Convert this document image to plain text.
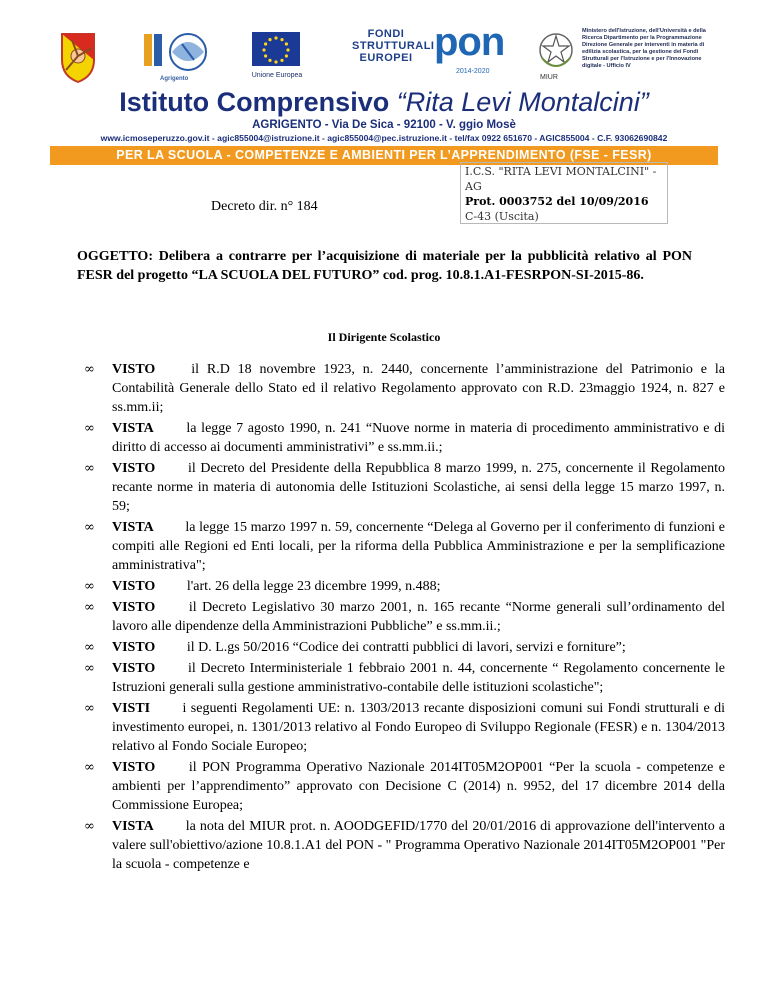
Agrigento	Unione Europea
FONDI
STRUTTURALI
EUROPEI pon
2014-2020
MIUR
Ministero dell'Istruzione, dell'Università e della Ricerca Dipartimento per la Programmazione Direzione Generale per interventi in materia di edilizia scolastica, per la gestione dei Fondi Strutturali per l'Istruzione e per l'Innovazione digitale - Ufficio IV
Istituto Comprensivo “Rita Levi Montalcini”
AGRIGENTO - Via De Sica - 92100 - V. ggio Mosè
www.icmoseperuzzo.gov.it - agic855004@istruzione.it - agic855004@pec.istruzione.it - tel/fax 0922 651670 - AGIC855004 - C.F. 93062690842
PER LA SCUOLA - COMPETENZE E AMBIENTI PER L’APPRENDIMENTO (FSE - FESR)
Decreto dir. n° 184
I.C.S. "RITA LEVI MONTALCINI" - AG
Prot. 0003752 del 10/09/2016
C-43 (Uscita)
OGGETTO: Delibera a contrarre per l’acquisizione di materiale per la pubblicità relativo al PON FESR del progetto “LA SCUOLA DEL FUTURO” cod. prog. 10.8.1.A1-FESRPON-SI-2015-86.
Il Dirigente Scolastico
∞ VISTO  	il R.D 18 novembre 1923, n. 2440, concernente l’amministrazione del Patrimonio e la Contabilità Generale dello Stato ed il relativo Regolamento approvato con R.D. 23maggio 1924, n. 827 e ss.mm.ii;
∞ VISTA   la legge 7 agosto 1990, n. 241 “Nuove norme in materia di procedimento amministrativo e di diritto di accesso ai documenti amministrativi” e ss.mm.ii.;
∞ VISTO   il Decreto del Presidente della Repubblica 8 marzo 1999, n. 275, concernente il Regolamento recante norme in materia di autonomia delle Istituzioni Scolastiche, ai sensi della legge 15 marzo 1997, n. 59;
∞ VISTA   la legge 15 marzo 1997 n. 59, concernente “Delega al Governo per il conferimento di funzioni e compiti alle Regioni ed Enti locali, per la riforma della Pubblica Amministrazione e per la semplificazione amministrativa";
∞ VISTO   l'art. 26 della legge 23 dicembre 1999, n.488;
∞ VISTO   il Decreto Legislativo 30 marzo 2001, n. 165 recante “Norme generali sull’ordinamento del lavoro alle dipendenze della Amministrazioni Pubbliche” e ss.mm.ii.;
∞ VISTO   il D. L.gs 50/2016 “Codice dei contratti pubblici di lavori, servizi e forniture”;
∞ VISTO   il Decreto Interministeriale 1 febbraio 2001 n. 44, concernente “ Regolamento concernente le Istruzioni generali sulla gestione amministrativo-contabile delle istituzioni scolastiche";
∞ VISTI   i seguenti Regolamenti UE: n. 1303/2013 recante disposizioni comuni sui Fondi strutturali e di investimento europei, n. 1301/2013 relativo al Fondo Europeo di Sviluppo Regionale (FESR) e n. 1304/2013 relativo al Fondo Sociale Europeo;
∞ VISTO   il PON Programma Operativo Nazionale 2014IT05M2OP001 “Per la scuola - competenze e ambienti per l’apprendimento” approvato con Decisione C (2014) n. 9952, del 17 dicembre 2014 della Commissione Europea;
∞ VISTA   la nota del MIUR prot. n. AOODGEFID/1770 del 20/01/2016 di approvazione dell'intervento a valere sull'obiettivo/azione 10.8.1.A1 del PON - " Programma Operativo Nazionale 2014IT05M2OP001 "Per la scuola - competenze e
